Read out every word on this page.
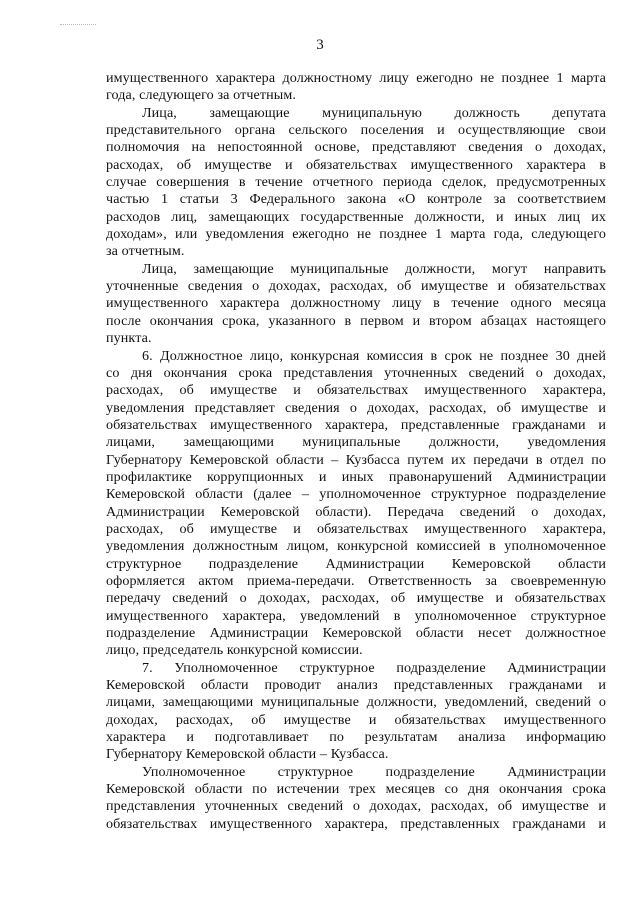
3
имущественного характера должностному лицу ежегодно не позднее 1 марта
года, следующего за отчетным.
Лица, замещающие муниципальную должность депутата
представительного органа сельского поселения и осуществляющие свои
полномочия на непостоянной основе, представляют сведения о доходах,
расходах, об имуществе и обязательствах имущественного характера в
случае совершения в течение отчетного периода сделок, предусмотренных
частью 1 статьи 3 Федерального закона «О контроле за соответствием
расходов лиц, замещающих государственные должности, и иных лиц их
доходам», или уведомления ежегодно не позднее 1 марта года, следующего
за отчетным.
Лица, замещающие муниципальные должности, могут направить
уточненные сведения о доходах, расходах, об имуществе и обязательствах
имущественного характера должностному лицу в течение одного месяца
после окончания срока, указанного в первом и втором абзацах настоящего
пункта.
6. Должностное лицо, конкурсная комиссия в срок не позднее 30 дней
со дня окончания срока представления уточненных сведений о доходах,
расходах, об имуществе и обязательствах имущественного характера,
уведомления представляет сведения о доходах, расходах, об имуществе и
обязательствах имущественного характера, представленные гражданами и
лицами, замещающими муниципальные должности, уведомления
Губернатору Кемеровской области – Кузбасса путем их передачи в отдел по
профилактике коррупционных и иных правонарушений Администрации
Кемеровской области (далее – уполномоченное структурное подразделение
Администрации Кемеровской области). Передача сведений о доходах,
расходах, об имуществе и обязательствах имущественного характера,
уведомления должностным лицом, конкурсной комиссией в уполномоченное
структурное подразделение Администрации Кемеровской области
оформляется актом приема-передачи. Ответственность за своевременную
передачу сведений о доходах, расходах, об имуществе и обязательствах
имущественного характера, уведомлений в уполномоченное структурное
подразделение Администрации Кемеровской области несет должностное
лицо, председатель конкурсной комиссии.
7. Уполномоченное структурное подразделение Администрации
Кемеровской области проводит анализ представленных гражданами и
лицами, замещающими муниципальные должности, уведомлений, сведений о
доходах, расходах, об имуществе и обязательствах имущественного
характера и подготавливает по результатам анализа информацию
Губернатору Кемеровской области – Кузбасса.
Уполномоченное структурное подразделение Администрации
Кемеровской области по истечении трех месяцев со дня окончания срока
представления уточненных сведений о доходах, расходах, об имуществе и
обязательствах имущественного характера, представленных гражданами и
